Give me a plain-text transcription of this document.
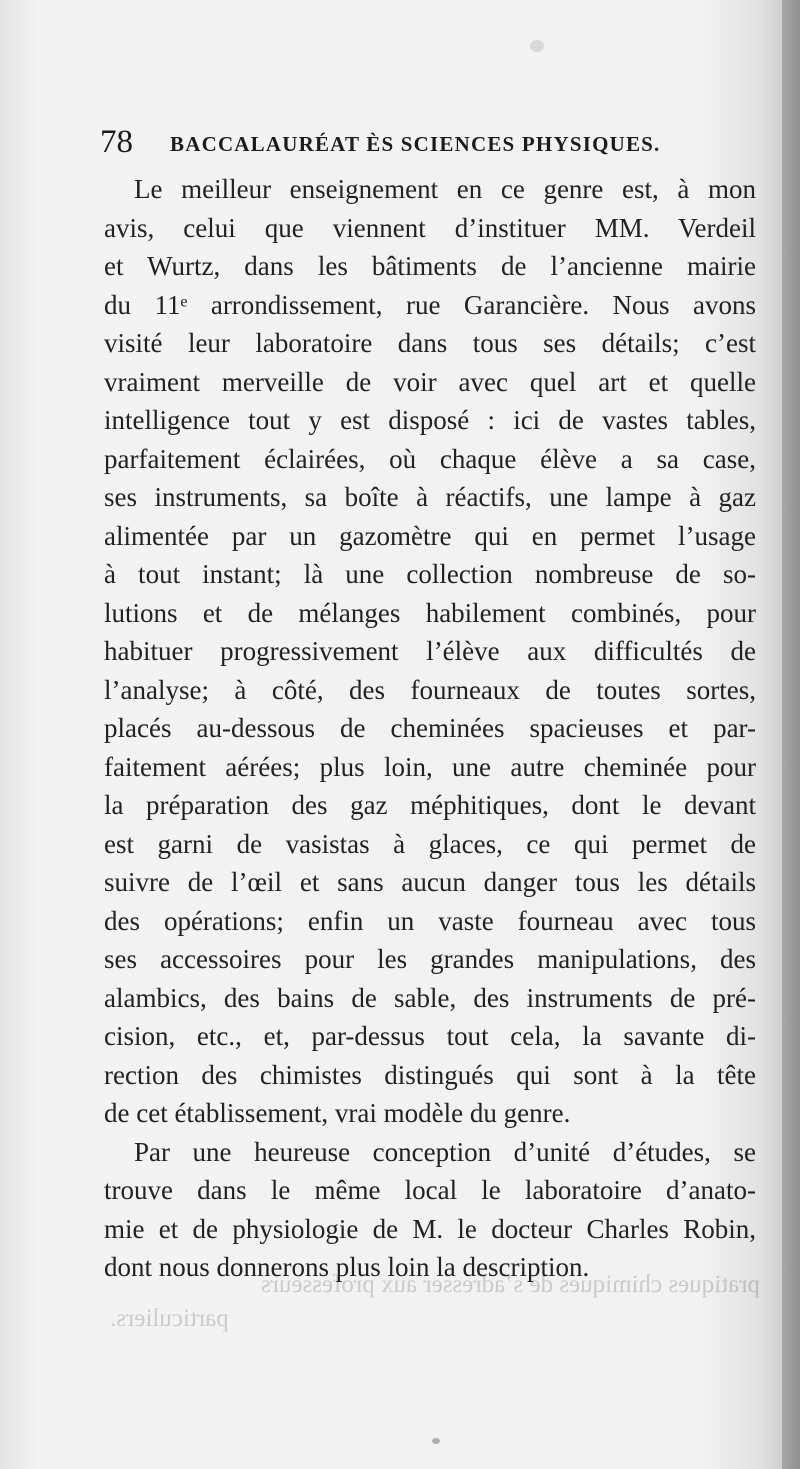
78 BACCALAURÉAT ÈS SCIENCES PHYSIQUES.
Le meilleur enseignement en ce genre est, à mon
avis, celui que viennent d’instituer MM. Verdeil
et Wurtz, dans les bâtiments de l’ancienne mairie
du 11ᵉ arrondissement, rue Garancière. Nous avons
visité leur laboratoire dans tous ses détails; c’est
vraiment merveille de voir avec quel art et quelle
intelligence tout y est disposé : ici de vastes tables,
parfaitement éclairées, où chaque élève a sa case,
ses instruments, sa boîte à réactifs, une lampe à gaz
alimentée par un gazomètre qui en permet l’usage
à tout instant; là une collection nombreuse de so-
lutions et de mélanges habilement combinés, pour
habituer progressivement l’élève aux difficultés de
l’analyse; à côté, des fourneaux de toutes sortes,
placés au-dessous de cheminées spacieuses et par-
faitement aérées; plus loin, une autre cheminée pour
la préparation des gaz méphitiques, dont le devant
est garni de vasistas à glaces, ce qui permet de
suivre de l’œil et sans aucun danger tous les détails
des opérations; enfin un vaste fourneau avec tous
ses accessoires pour les grandes manipulations, des
alambics, des bains de sable, des instruments de pré-
cision, etc., et, par-dessus tout cela, la savante di-
rection des chimistes distingués qui sont à la tête
de cet établissement, vrai modèle du genre.
Par une heureuse conception d’unité d’études, se
trouve dans le même local le laboratoire d’anato-
mie et de physiologie de M. le docteur Charles Robin,
dont nous donnerons plus loin la description.
pratiques chimiques de s’adresser aux professeurs
particuliers.
